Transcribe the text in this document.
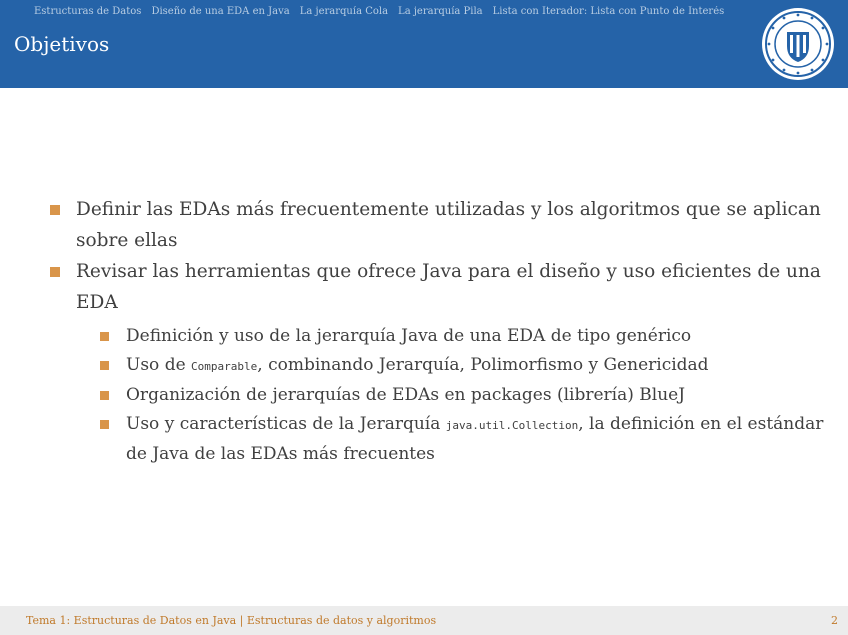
Estructuras de Datos Diseño de una EDA en Java La jerarquía Cola La jerarquía Pila Lista con Iterador: Lista con Punto de Interés
Objetivos
Definir las EDAs más frecuentemente utilizadas y los algoritmos que se aplican sobre ellas
Revisar las herramientas que ofrece Java para el diseño y uso eficientes de una EDA
Definición y uso de la jerarquía Java de una EDA de tipo genérico
Uso de Comparable, combinando Jerarquía, Polimorfismo y Genericidad
Organización de jerarquías de EDAs en packages (librería) BlueJ
Uso y características de la Jerarquía java.util.Collection, la definición en el estándar de Java de las EDAs más frecuentes
Tema 1: Estructuras de Datos en Java | Estructuras de datos y algoritmos	2
